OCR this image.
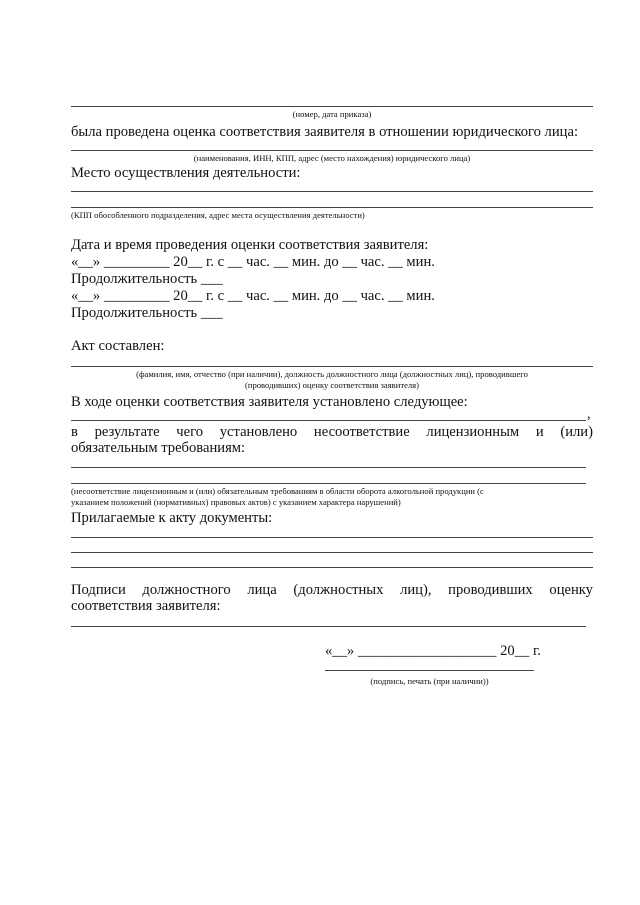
(номер, дата приказа)
была проведена оценка соответствия заявителя в отношении юридического лица:
(наименования, ИНН, КПП, адрес (место нахождения) юридического лица)
Место осуществления деятельности:
(КПП обособленного подразделения, адрес места осуществления деятельности)
Дата и время проведения оценки соответствия заявителя:
«__» _________ 20__ г. с __ час. __ мин. до __ час. __ мин.
Продолжительность ___
«__» _________ 20__ г. с __ час. __ мин. до __ час. __ мин.
Продолжительность ___
Акт составлен:
(фамилия, имя, отчество (при наличии), должность должностного лица (должностных лиц), проводившего
(проводивших) оценку соответствия заявителя)
В ходе оценки соответствия заявителя установлено следующее:
,
в результате чего установлено несоответствие лицензионным и (или)
обязательным требованиям:
(несоответствие лицензионным и (или) обязательным требованиям в области оборота алкогольной продукции (с
указанием положений (нормативных) правовых актов) с указанием характера нарушений)
Прилагаемые к акту документы:
Подписи должностного лица (должностных лиц), проводивших оценку
соответствия заявителя:
«__» ___________________ 20__ г.
(подпись, печать (при наличии))
